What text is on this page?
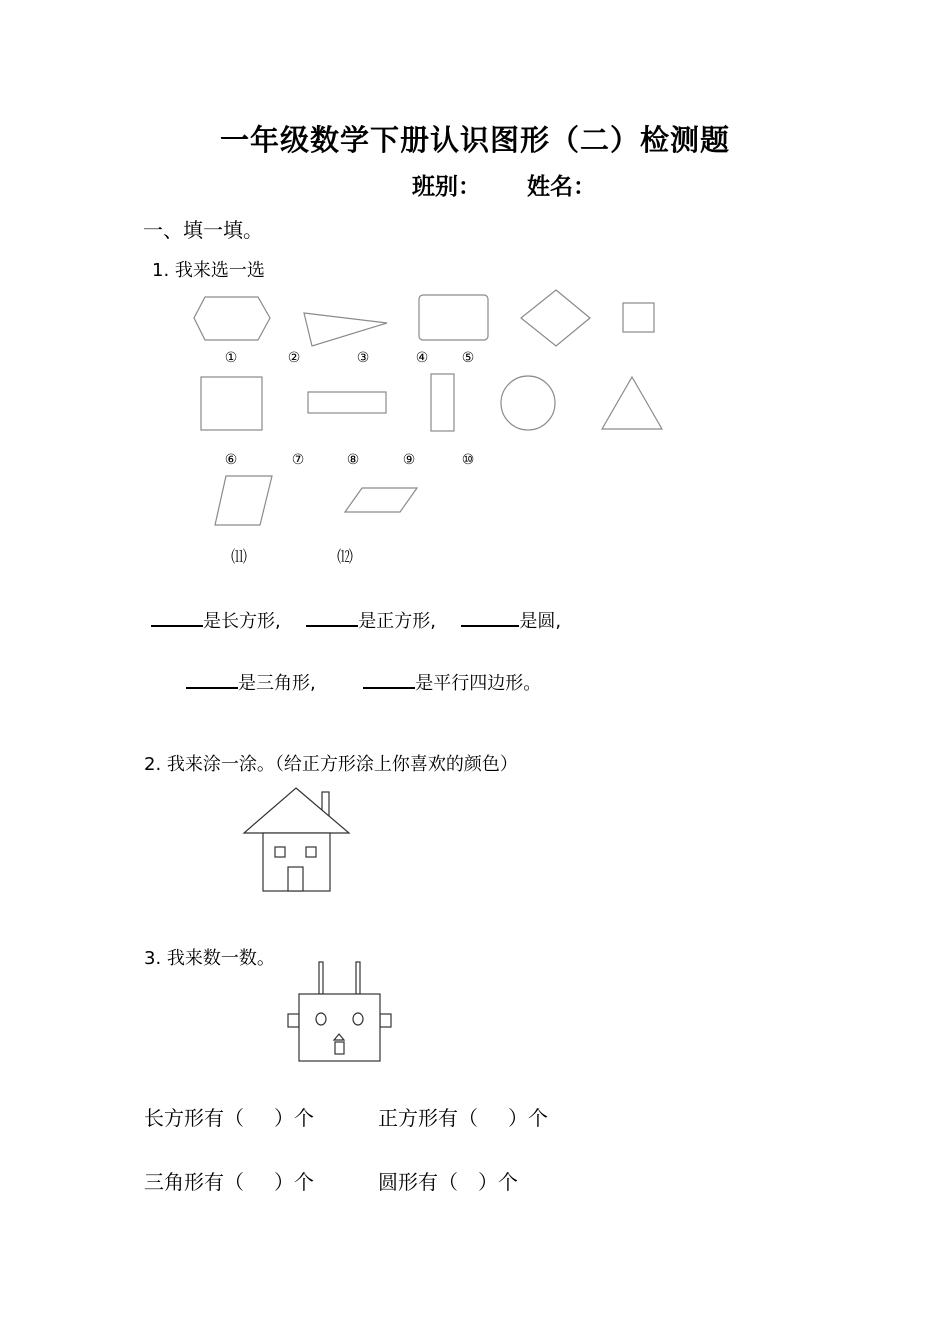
一年级数学下册认识图形（二）检测题
班别： 姓名：
一、填一填。
1. 我来选一选
①	②	③	④	⑤
⑥	⑦	⑧	⑨	⑩
⑾	⑿
是长方形,	是正方形,	是圆,
是三角形,	是平行四边形。
2. 我来涂一涂。（给正方形涂上你喜欢的颜色）
3. 我来数一数。
长方形有（ ）个	正方形有（ ）个
三角形有（ ）个	圆形有（ ）个
